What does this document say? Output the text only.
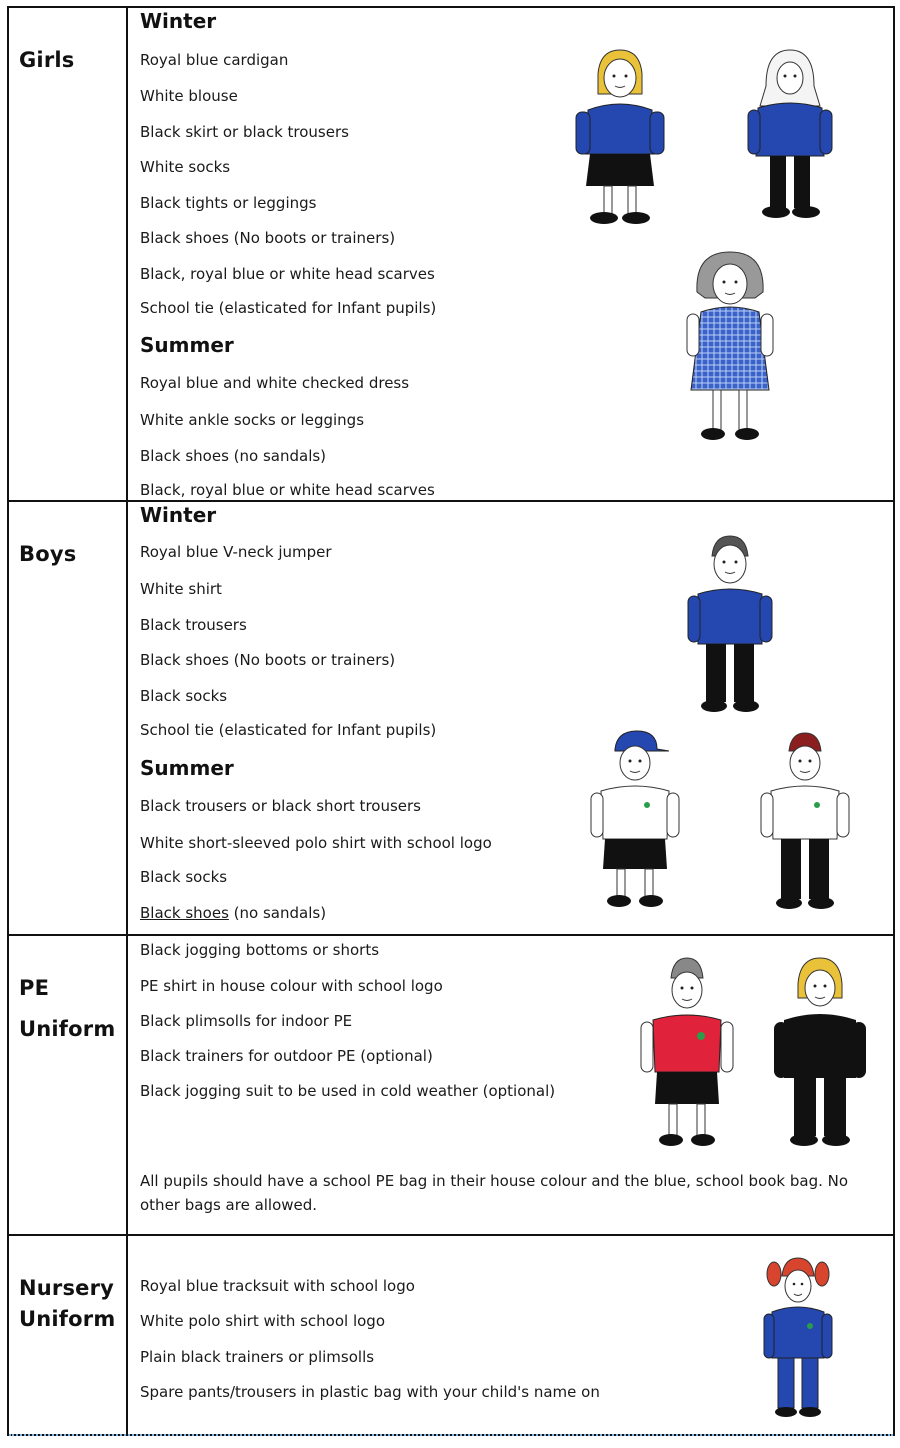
Girls
Winter
Royal blue cardigan
White blouse
Black skirt or black trousers
White socks
Black tights or leggings
Black shoes (No boots or trainers)
Black, royal blue or white head scarves
School tie (elasticated for Infant pupils)
Summer
Royal blue and white checked dress
White ankle socks or leggings
Black shoes (no sandals)
Black, royal blue or white head scarves
Boys
Winter
Royal blue V-neck jumper
White shirt
Black trousers
Black shoes (No boots or trainers)
Black socks
School tie (elasticated for Infant pupils)
Summer
Black trousers or black short trousers
White short-sleeved polo shirt with school logo
Black socks
Black shoes (no sandals)
PE
Uniform
Black jogging bottoms or shorts
PE shirt in house colour with school logo
Black plimsolls for indoor PE
Black trainers for outdoor PE (optional)
Black jogging suit to be used in cold weather (optional)
All pupils should have a school PE bag in their house colour and the blue, school book bag. No other bags are allowed.
Nursery
Uniform
Royal blue tracksuit with school logo
White polo shirt with school logo
Plain black trainers or plimsolls
Spare pants/trousers in plastic bag with your child's name on
